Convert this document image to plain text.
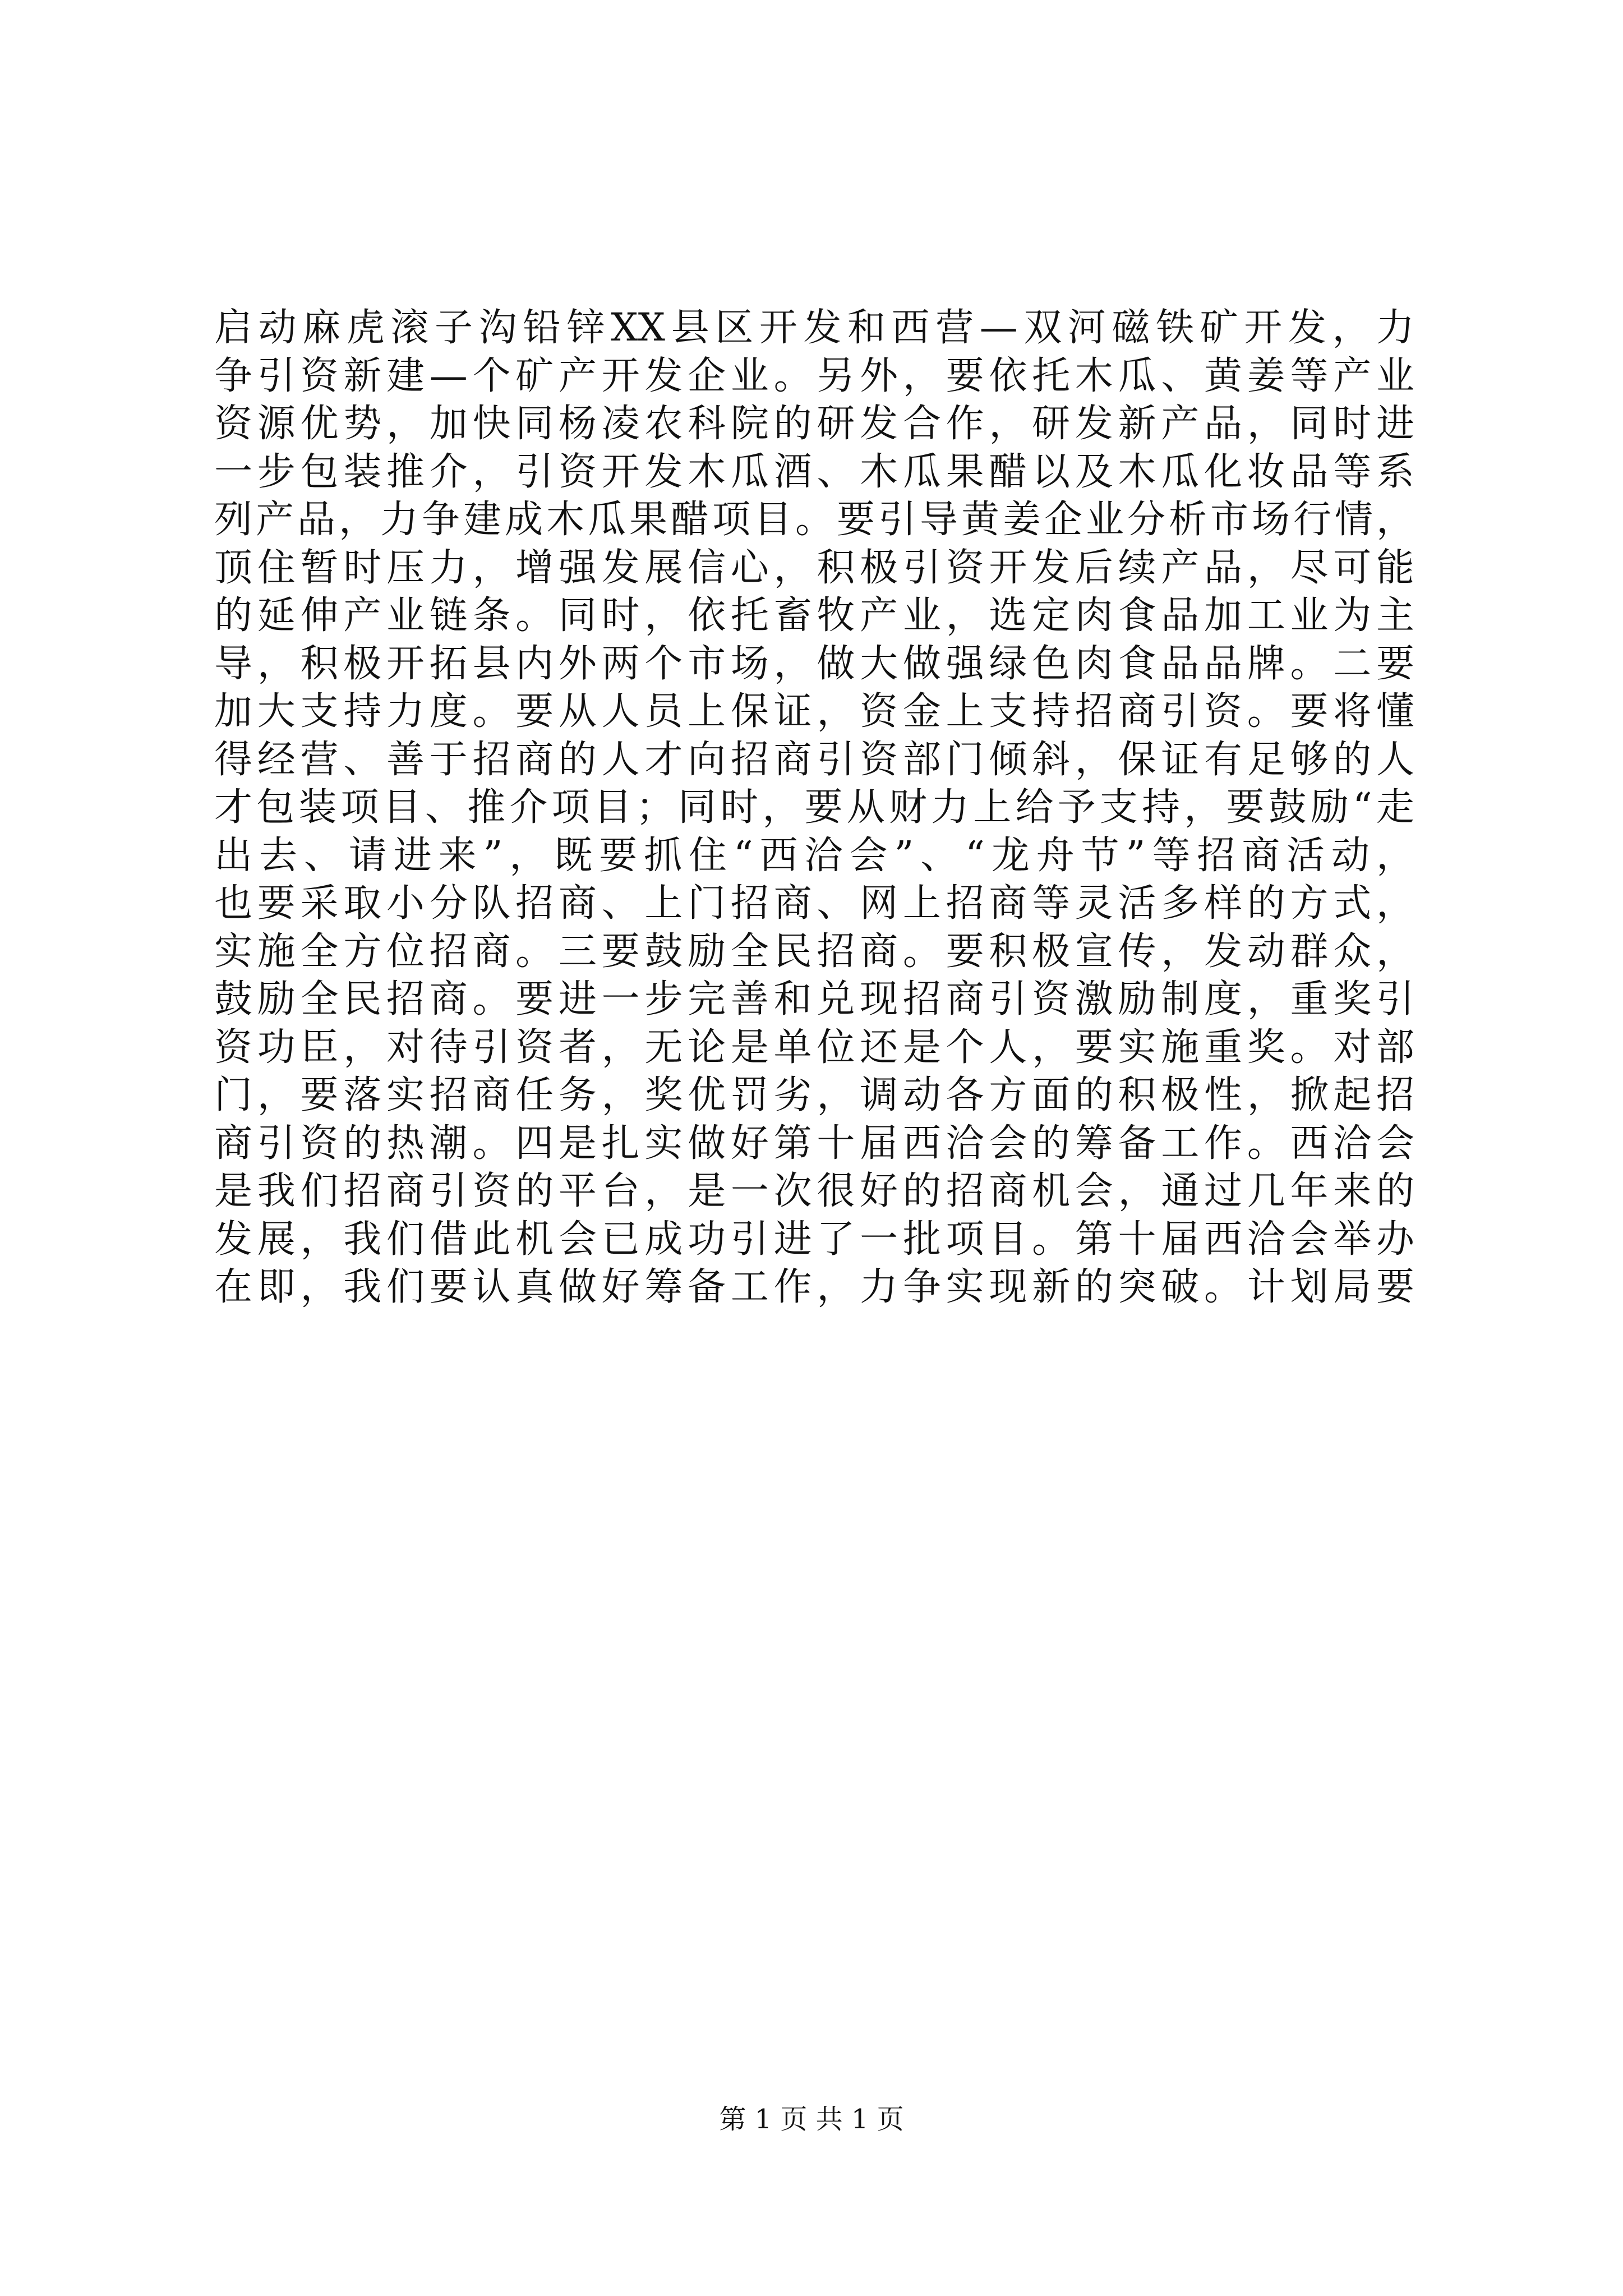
启动麻虎滚子沟铅锌XX县区开发和西营—双河磁铁矿开发，力
争引资新建—个矿产开发企业。另外，要依托木瓜、黄姜等产业
资源优势，加快同杨凌农科院的研发合作，研发新产品，同时进
一步包装推介，引资开发木瓜酒、木瓜果醋以及木瓜化妆品等系
列产品，力争建成木瓜果醋项目。要引导黄姜企业分析市场行情，
顶住暂时压力，增强发展信心，积极引资开发后续产品，尽可能
的延伸产业链条。同时，依托畜牧产业，选定肉食品加工业为主
导，积极开拓县内外两个市场，做大做强绿色肉食品品牌。二要
加大支持力度。要从人员上保证，资金上支持招商引资。要将懂
得经营、善于招商的人才向招商引资部门倾斜，保证有足够的人
才包装项目、推介项目；同时，要从财力上给予支持，要鼓励“走
出去、请进来”，既要抓住“西洽会”、“龙舟节”等招商活动，
也要采取小分队招商、上门招商、网上招商等灵活多样的方式，
实施全方位招商。三要鼓励全民招商。要积极宣传，发动群众，
鼓励全民招商。要进一步完善和兑现招商引资激励制度，重奖引
资功臣，对待引资者，无论是单位还是个人，要实施重奖。对部
门，要落实招商任务，奖优罚劣，调动各方面的积极性，掀起招
商引资的热潮。四是扎实做好第十届西洽会的筹备工作。西洽会
是我们招商引资的平台，是一次很好的招商机会，通过几年来的
发展，我们借此机会已成功引进了一批项目。第十届西洽会举办
在即，我们要认真做好筹备工作，力争实现新的突破。计划局要
第 1 页 共 1 页
